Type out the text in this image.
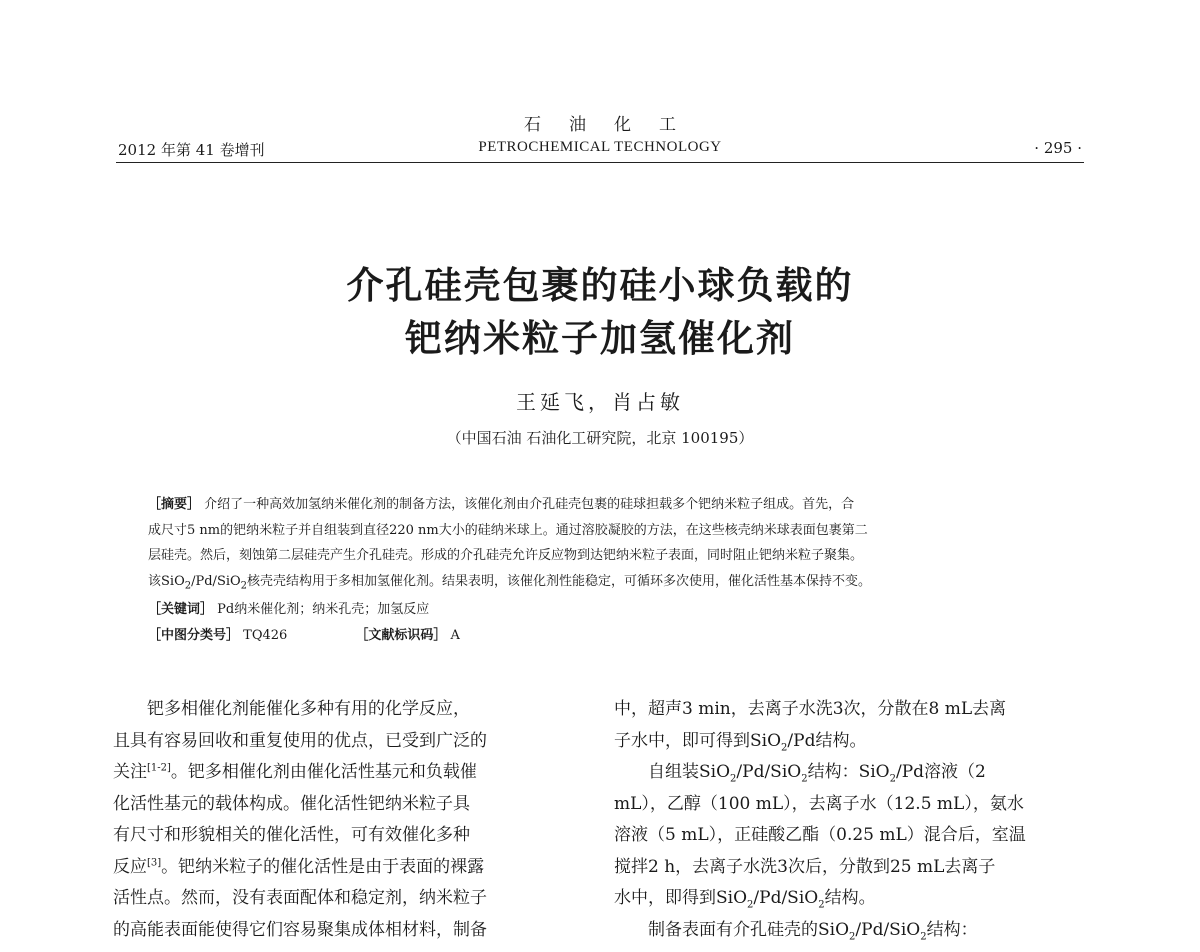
石油化工
2012 年第 41 卷增刊	PETROCHEMICAL TECHNOLOGY	· 295 ·
介孔硅壳包裹的硅小球负载的
钯纳米粒子加氢催化剂
王延飞，肖占敏
（中国石油 石油化工研究院，北京 100195）
［摘要］ 介绍了一种高效加氢纳米催化剂的制备方法，该催化剂由介孔硅壳包裹的硅球担载多个钯纳米粒子组成。首先，合
成尺寸5 nm的钯纳米粒子并自组装到直径220 nm大小的硅纳米球上。通过溶胶凝胶的方法，在这些核壳纳米球表面包裹第二
层硅壳。然后，刻蚀第二层硅壳产生介孔硅壳。形成的介孔硅壳允许反应物到达钯纳米粒子表面，同时阻止钯纳米粒子聚集。
该SiO$_2$/Pd/SiO$_2$核壳壳结构用于多相加氢催化剂。结果表明，该催化剂性能稳定，可循环多次使用，催化活性基本保持不变。
［关键词］ Pd纳米催化剂；纳米孔壳；加氢反应
［中图分类号］ TQ426	［文献标识码］ A
钯多相催化剂能催化多种有用的化学反应，
且具有容易回收和重复使用的优点，已受到广泛的
关注[1-2]。钯多相催化剂由催化活性基元和负载催
化活性基元的载体构成。催化活性钯纳米粒子具
有尺寸和形貌相关的催化活性，可有效催化多种
反应[3]。钯纳米粒子的催化活性是由于表面的裸露
活性点。然而，没有表面配体和稳定剂，纳米粒子
的高能表面能使得它们容易聚集成体相材料，制备
中，超声3 min，去离子水洗3次，分散在8 mL去离
子水中，即可得到SiO$_2$/Pd结构。
自组装SiO$_2$/Pd/SiO$_2$结构：SiO$_2$/Pd溶液（2
mL），乙醇（100 mL），去离子水（12.5 mL），氨水
溶液（5 mL），正硅酸乙酯（0.25 mL）混合后，室温
搅拌2 h，去离子水洗3次后，分散到25 mL去离子
水中，即得到SiO$_2$/Pd/SiO$_2$结构。
制备表面有介孔硅壳的SiO$_2$/Pd/SiO$_2$结构：
